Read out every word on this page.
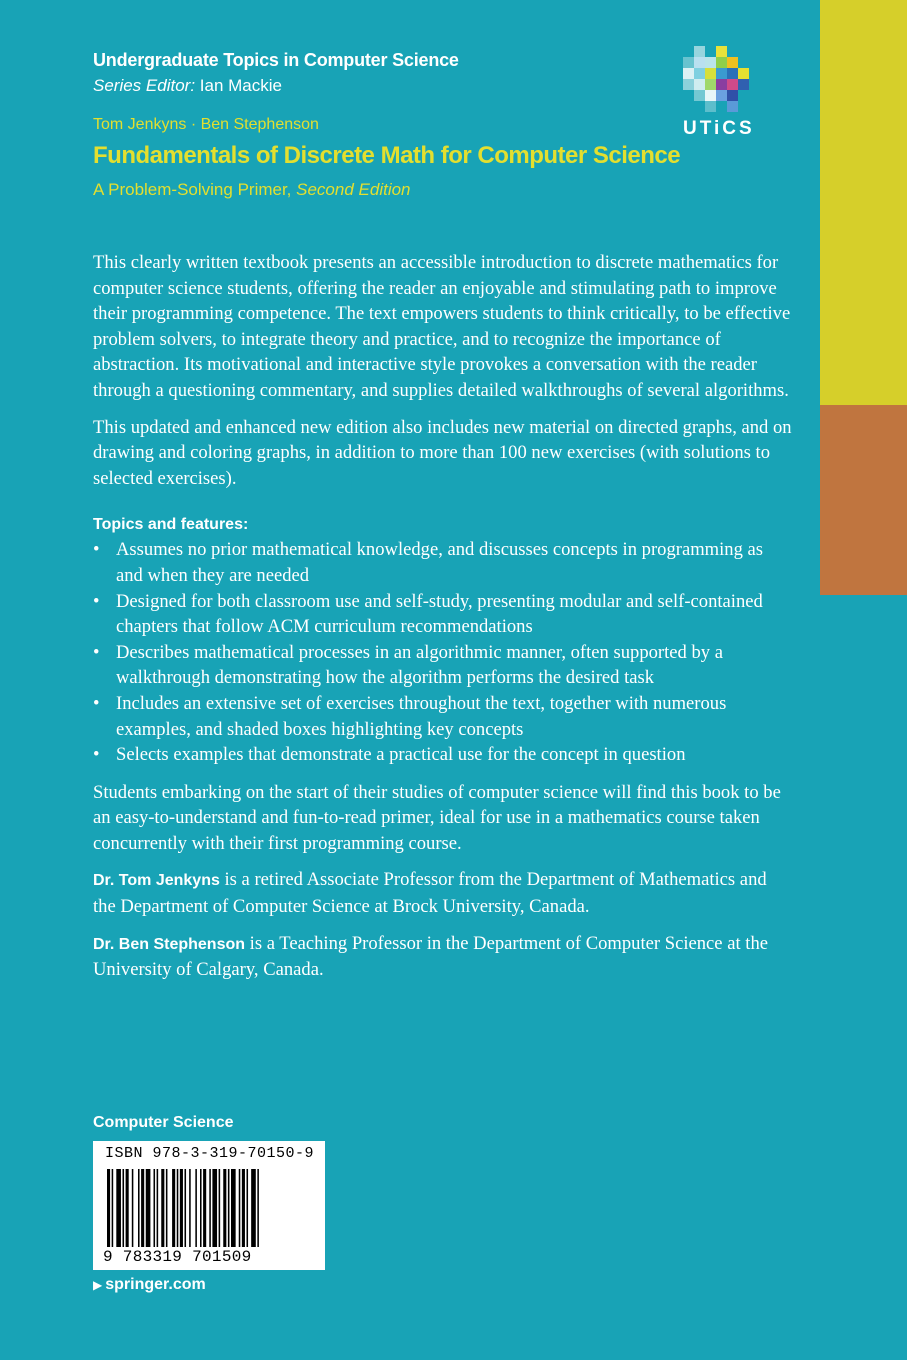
Undergraduate Topics in Computer Science
Series Editor: Ian Mackie
UTiCS
Tom Jenkyns · Ben Stephenson
Fundamentals of Discrete Math for Computer Science
A Problem-Solving Primer, Second Edition

This clearly written textbook presents an accessible introduction to discrete mathematics for computer science students, offering the reader an enjoyable and stimulating path to improve their programming competence. The text empowers students to think critically, to be effective problem solvers, to integrate theory and practice, and to recognize the importance of abstraction. Its motivational and interactive style provokes a conversation with the reader through a questioning commentary, and supplies detailed walkthroughs of several algorithms.

This updated and enhanced new edition also includes new material on directed graphs, and on drawing and coloring graphs, in addition to more than 100 new exercises (with solutions to selected exercises).

Topics and features:
• Assumes no prior mathematical knowledge, and discusses concepts in programming as and when they are needed
• Designed for both classroom use and self-study, presenting modular and self-contained chapters that follow ACM curriculum recommendations
• Describes mathematical processes in an algorithmic manner, often supported by a walkthrough demonstrating how the algorithm performs the desired task
• Includes an extensive set of exercises throughout the text, together with numerous examples, and shaded boxes highlighting key concepts
• Selects examples that demonstrate a practical use for the concept in question

Students embarking on the start of their studies of computer science will find this book to be an easy-to-understand and fun-to-read primer, ideal for use in a mathematics course taken concurrently with their first programming course.

Dr. Tom Jenkyns is a retired Associate Professor from the Department of Mathematics and the Department of Computer Science at Brock University, Canada.

Dr. Ben Stephenson is a Teaching Professor in the Department of Computer Science at the University of Calgary, Canada.

Computer Science
ISBN 978-3-319-70150-9
9 783319 701509
▶ springer.com
